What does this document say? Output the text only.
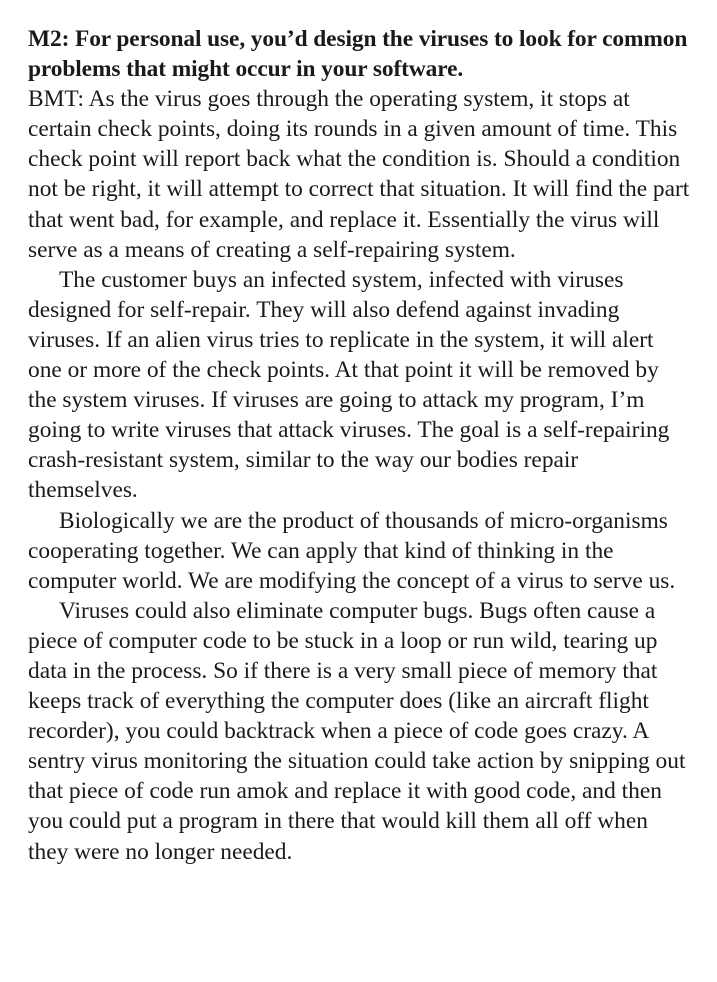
M2: For personal use, you’d design the viruses to look for common problems that might occur in your software.

BMT: As the virus goes through the operating system, it stops at certain check points, doing its rounds in a given amount of time. This check point will report back what the condition is. Should a condition not be right, it will attempt to correct that situation. It will find the part that went bad, for example, and replace it. Essentially the virus will serve as a means of creating a self-repairing system.

The customer buys an infected system, infected with viruses designed for self-repair. They will also defend against invading viruses. If an alien virus tries to replicate in the system, it will alert one or more of the check points. At that point it will be removed by the system viruses. If viruses are going to attack my program, I’m going to write viruses that attack viruses. The goal is a self-repairing crash-resistant system, similar to the way our bodies repair themselves.

Biologically we are the product of thousands of micro-organisms cooperating together. We can apply that kind of thinking in the computer world. We are modifying the concept of a virus to serve us.

Viruses could also eliminate computer bugs. Bugs often cause a piece of computer code to be stuck in a loop or run wild, tearing up data in the process. So if there is a very small piece of memory that keeps track of everything the computer does (like an aircraft flight recorder), you could backtrack when a piece of code goes crazy. A sentry virus monitoring the situation could take action by snipping out that piece of code run amok and replace it with good code, and then you could put a program in there that would kill them all off when they were no longer needed.
